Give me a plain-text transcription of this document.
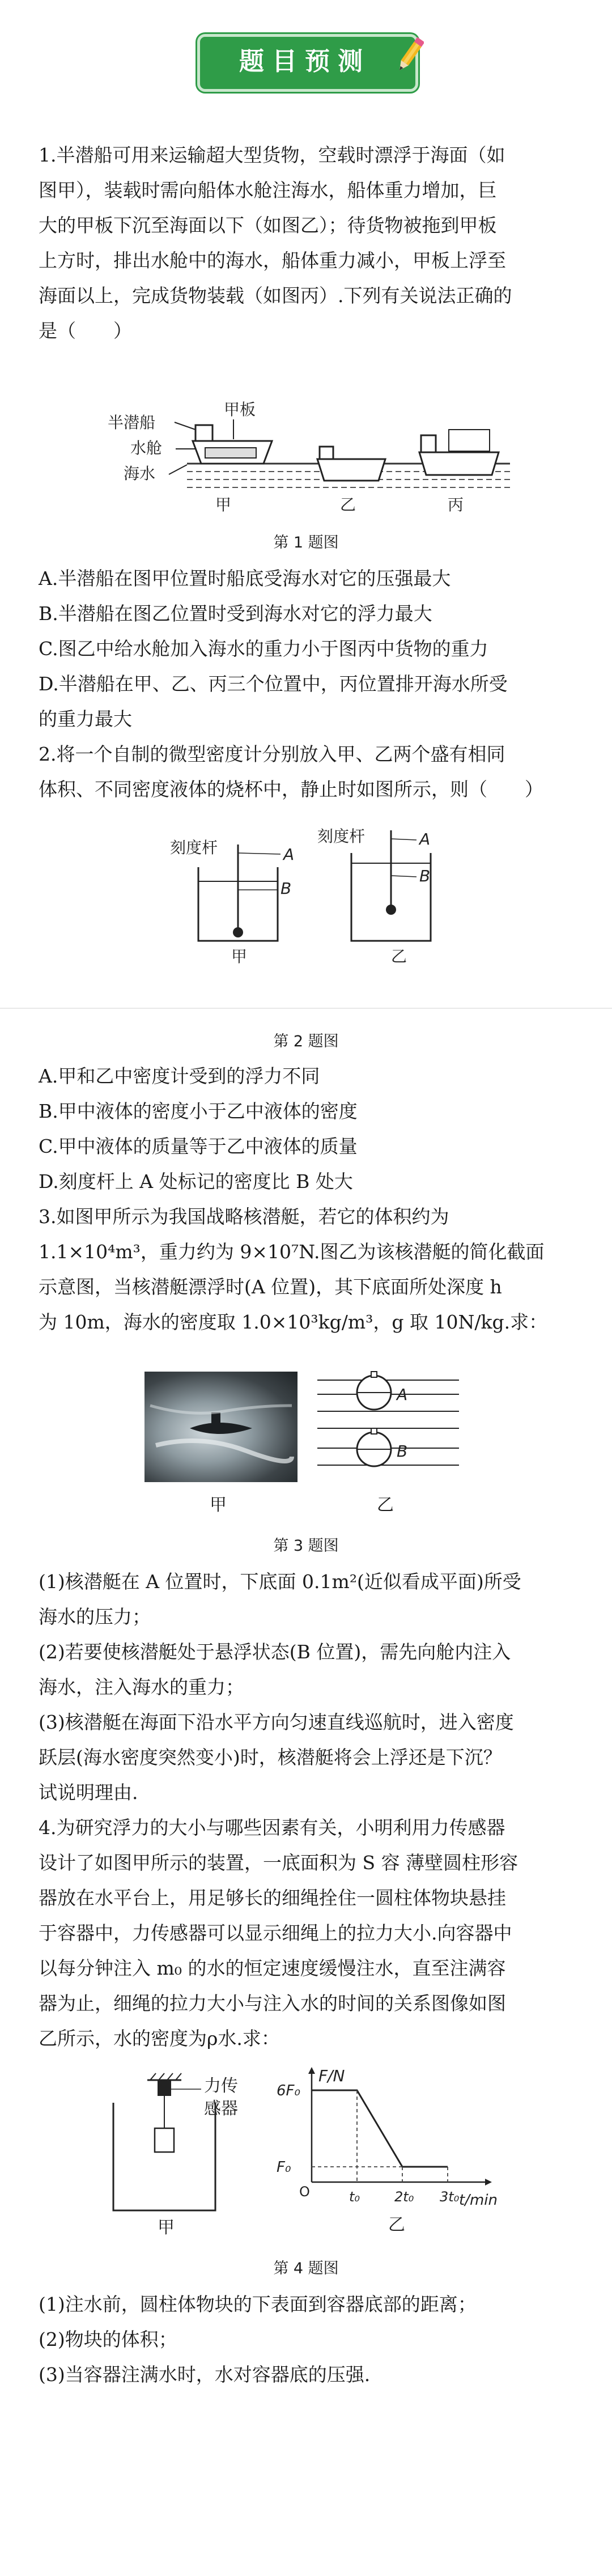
题目预测

1.半潜船可用来运输超大型货物，空载时漂浮于海面（如

图甲），装载时需向船体水舱注海水，船体重力增加，巨

大的甲板下沉至海面以下（如图乙）；待货物被拖到甲板

上方时，排出水舱中的海水，船体重力减小，甲板上浮至

海面以上，完成货物装载（如图丙）.下列有关说法正确的

是（　　）

半潜船
水舱
海水
甲板
甲	乙	丙
第 1 题图

A.半潜船在图甲位置时船底受海水对它的压强最大

B.半潜船在图乙位置时受到海水对它的浮力最大

C.图乙中给水舱加入海水的重力小于图丙中货物的重力

D.半潜船在甲、乙、丙三个位置中，丙位置排开海水所受

的重力最大

2.将一个自制的微型密度计分别放入甲、乙两个盛有相同

体积、不同密度液体的烧杯中，静止时如图所示，则（　　）

刻度杆
刻度杆
A
B
A
B
甲	乙
第 2 题图

A.甲和乙中密度计受到的浮力不同

B.甲中液体的密度小于乙中液体的密度

C.甲中液体的质量等于乙中液体的质量

D.刻度杆上 A 处标记的密度比 B 处大

3.如图甲所示为我国战略核潜艇，若它的体积约为

1.1×10⁴m³，重力约为 9×10⁷N.图乙为该核潜艇的简化截面

示意图，当核潜艇漂浮时(A 位置)，其下底面所处深度 h

为 10m，海水的密度取 1.0×10³kg/m³，g 取 10N/kg.求：

A
B
甲	乙
第 3 题图

(1)核潜艇在 A 位置时，下底面 0.1m²(近似看成平面)所受

海水的压力；

(2)若要使核潜艇处于悬浮状态(B 位置)，需先向舱内注入

海水，注入海水的重力；

(3)核潜艇在海面下沿水平方向匀速直线巡航时，进入密度

跃层(海水密度突然变小)时，核潜艇将会上浮还是下沉？

试说明理由.

4.为研究浮力的大小与哪些因素有关，小明利用力传感器

设计了如图甲所示的装置，一底面积为 S 容 薄壁圆柱形容

器放在水平台上，用足够长的细绳拴住一圆柱体物块悬挂

于容器中，力传感器可以显示细绳上的拉力大小.向容器中

以每分钟注入 m₀ 的水的恒定速度缓慢注水，直至注满容

器为止，细绳的拉力大小与注入水的时间的关系图像如图

乙所示，水的密度为ρ水.求：

力传
感器
甲
F/N
t/min
O	t₀	2t₀ 3t₀
6F₀
F₀
乙
第 4 题图

(1)注水前，圆柱体物块的下表面到容器底部的距离；

(2)物块的体积；

(3)当容器注满水时，水对容器底的压强.
